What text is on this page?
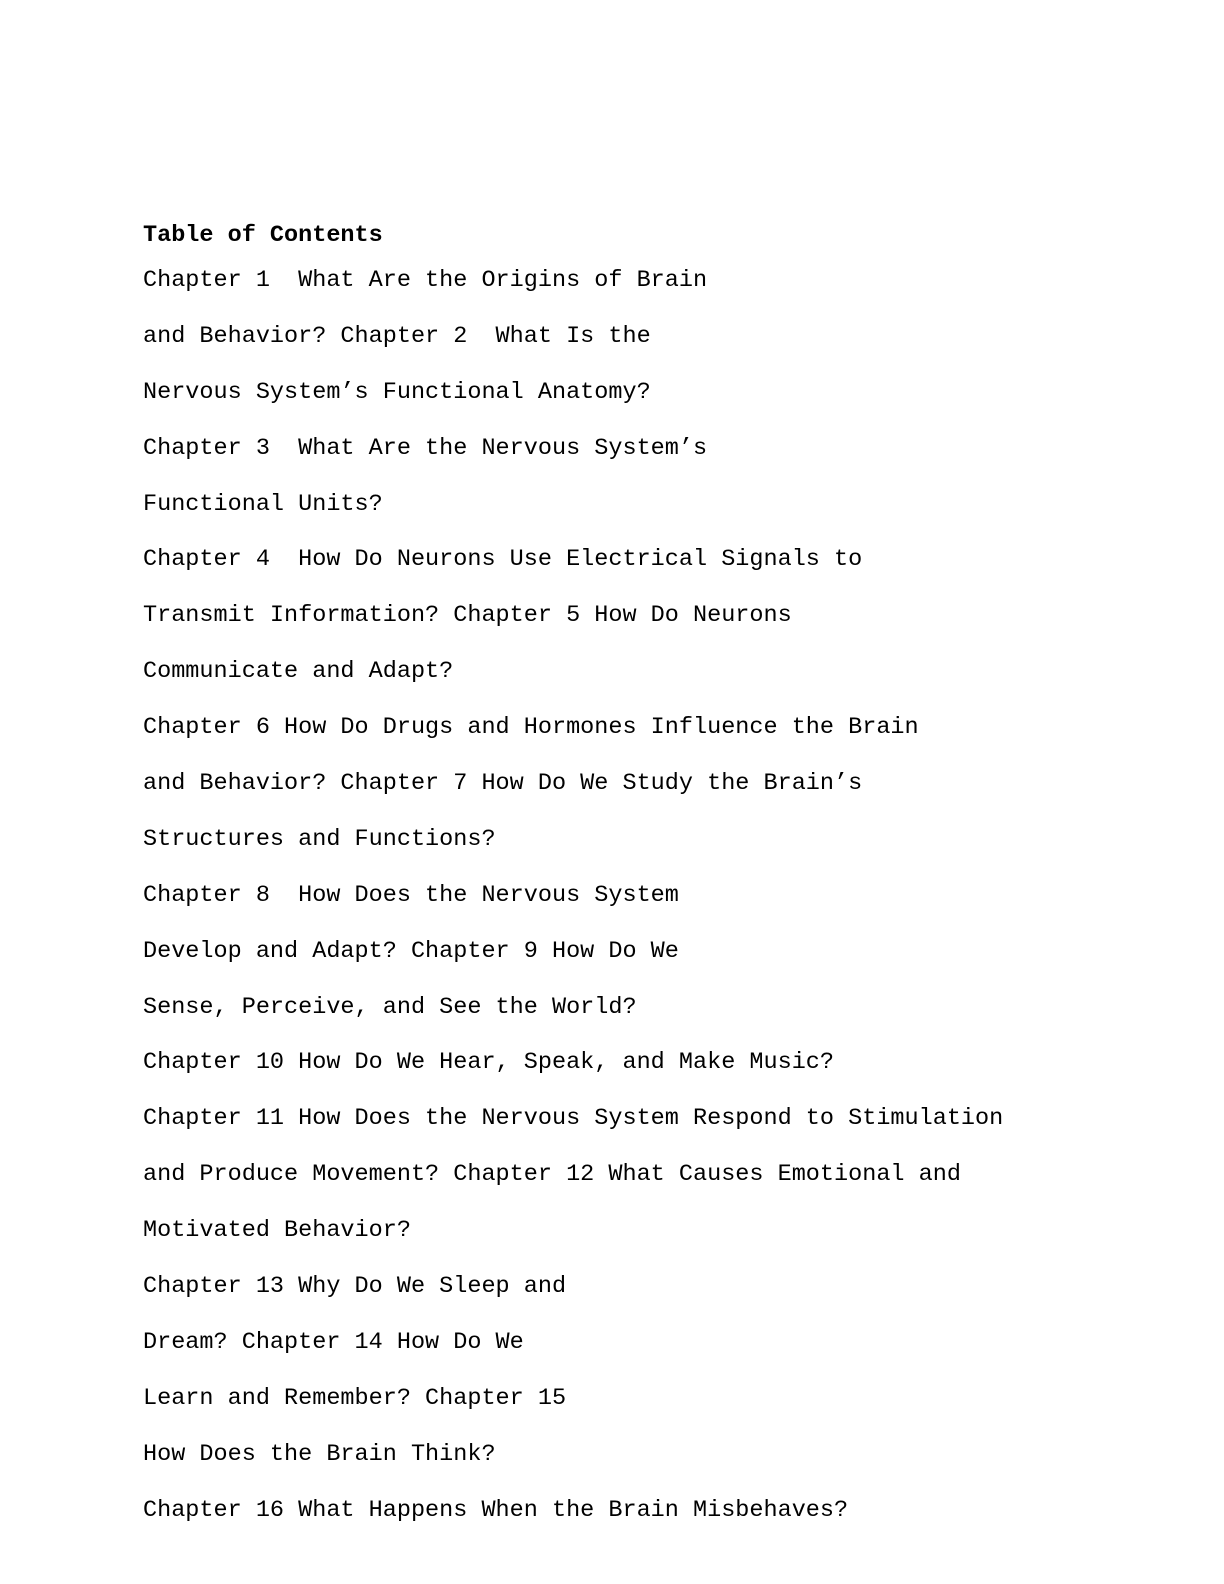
Table of Contents
Chapter 1  What Are the Origins of Brain
and Behavior? Chapter 2  What Is the
Nervous System’s Functional Anatomy?
Chapter 3  What Are the Nervous System’s
Functional Units?
Chapter 4  How Do Neurons Use Electrical Signals to
Transmit Information? Chapter 5 How Do Neurons
Communicate and Adapt?
Chapter 6 How Do Drugs and Hormones Influence the Brain
and Behavior? Chapter 7 How Do We Study the Brain’s
Structures and Functions?
Chapter 8  How Does the Nervous System
Develop and Adapt? Chapter 9 How Do We
Sense, Perceive, and See the World?
Chapter 10 How Do We Hear, Speak, and Make Music?
Chapter 11 How Does the Nervous System Respond to Stimulation
and Produce Movement? Chapter 12 What Causes Emotional and
Motivated Behavior?
Chapter 13 Why Do We Sleep and
Dream? Chapter 14 How Do We
Learn and Remember? Chapter 15
How Does the Brain Think?
Chapter 16 What Happens When the Brain Misbehaves?
